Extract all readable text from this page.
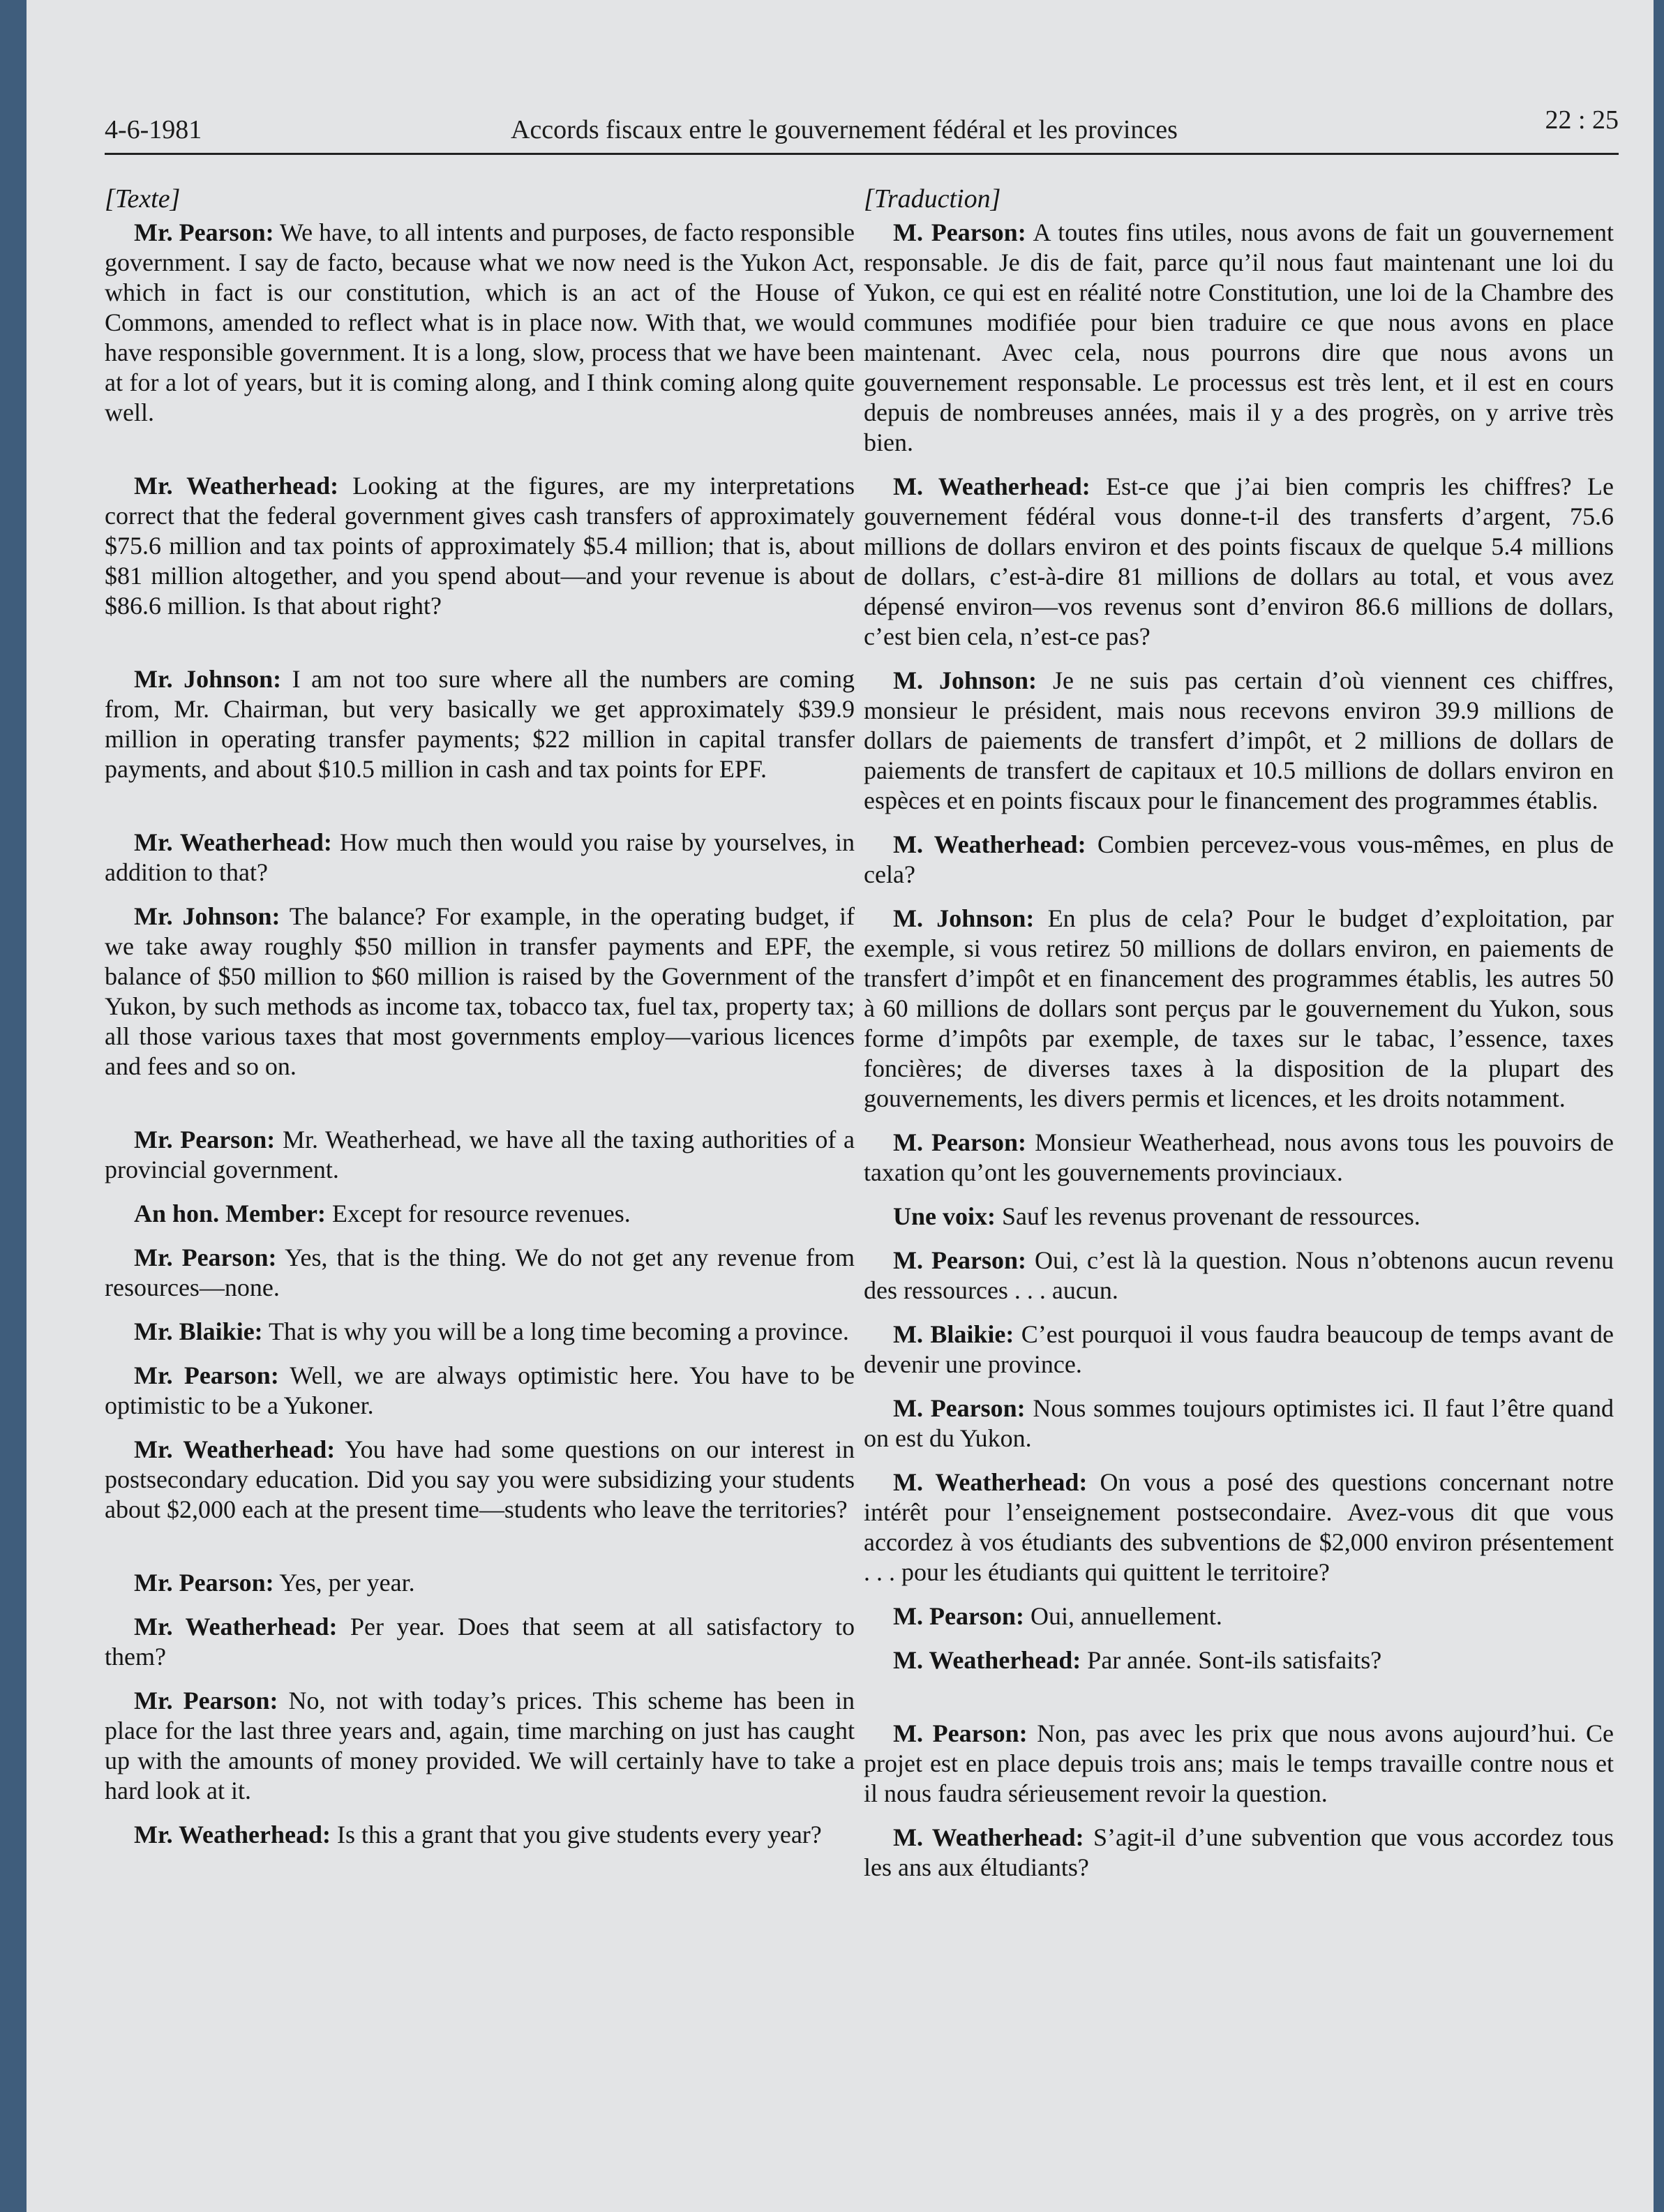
4-6-1981	Accords fiscaux entre le gouvernement fédéral et les provinces	22 : 25
[Texte]

Mr. Pearson: We have, to all intents and purposes, de facto responsible government. I say de facto, because what we now need is the Yukon Act, which in fact is our constitution, which is an act of the House of Commons, amended to reflect what is in place now. With that, we would have responsible government. It is a long, slow, process that we have been at for a lot of years, but it is coming along, and I think coming along quite well.

Mr. Weatherhead: Looking at the figures, are my interpretations correct that the federal government gives cash transfers of approximately $75.6 million and tax points of approximately $5.4 million; that is, about $81 million altogether, and you spend about—and your revenue is about $86.6 million. Is that about right?

Mr. Johnson: I am not too sure where all the numbers are coming from, Mr. Chairman, but very basically we get approximately $39.9 million in operating transfer payments; $22 million in capital transfer payments, and about $10.5 million in cash and tax points for EPF.

Mr. Weatherhead: How much then would you raise by yourselves, in addition to that?

Mr. Johnson: The balance? For example, in the operating budget, if we take away roughly $50 million in transfer payments and EPF, the balance of $50 million to $60 million is raised by the Government of the Yukon, by such methods as income tax, tobacco tax, fuel tax, property tax; all those various taxes that most governments employ—various licences and fees and so on.

Mr. Pearson: Mr. Weatherhead, we have all the taxing authorities of a provincial government.

An hon. Member: Except for resource revenues.

Mr. Pearson: Yes, that is the thing. We do not get any revenue from resources—none.

Mr. Blaikie: That is why you will be a long time becoming a province.

Mr. Pearson: Well, we are always optimistic here. You have to be optimistic to be a Yukoner.

Mr. Weatherhead: You have had some questions on our interest in postsecondary education. Did you say you were subsidizing your students about $2,000 each at the present time—students who leave the territories?

Mr. Pearson: Yes, per year.

Mr. Weatherhead: Per year. Does that seem at all satisfactory to them?

Mr. Pearson: No, not with today’s prices. This scheme has been in place for the last three years and, again, time marching on just has caught up with the amounts of money provided. We will certainly have to take a hard look at it.

Mr. Weatherhead: Is this a grant that you give students every year?

[Traduction]

M. Pearson: A toutes fins utiles, nous avons de fait un gouvernement responsable. Je dis de fait, parce qu’il nous faut maintenant une loi du Yukon, ce qui est en réalité notre Constitution, une loi de la Chambre des communes modifiée pour bien traduire ce que nous avons en place maintenant. Avec cela, nous pourrons dire que nous avons un gouvernement responsable. Le processus est très lent, et il est en cours depuis de nombreuses années, mais il y a des progrès, on y arrive très bien.

M. Weatherhead: Est-ce que j’ai bien compris les chiffres? Le gouvernement fédéral vous donne-t-il des transferts d’argent, 75.6 millions de dollars environ et des points fiscaux de quelque 5.4 millions de dollars, c’est-à-dire 81 millions de dollars au total, et vous avez dépensé environ—vos revenus sont d’environ 86.6 millions de dollars, c’est bien cela, n’est-ce pas?

M. Johnson: Je ne suis pas certain d’où viennent ces chiffres, monsieur le président, mais nous recevons environ 39.9 millions de dollars de paiements de transfert d’impôt, et 2 millions de dollars de paiements de transfert de capitaux et 10.5 millions de dollars environ en espèces et en points fiscaux pour le financement des programmes établis.

M. Weatherhead: Combien percevez-vous vous-mêmes, en plus de cela?

M. Johnson: En plus de cela? Pour le budget d’exploitation, par exemple, si vous retirez 50 millions de dollars environ, en paiements de transfert d’impôt et en financement des programmes établis, les autres 50 à 60 millions de dollars sont perçus par le gouvernement du Yukon, sous forme d’impôts par exemple, de taxes sur le tabac, l’essence, taxes foncières; de diverses taxes à la disposition de la plupart des gouvernements, les divers permis et licences, et les droits notamment.

M. Pearson: Monsieur Weatherhead, nous avons tous les pouvoirs de taxation qu’ont les gouvernements provinciaux.

Une voix: Sauf les revenus provenant de ressources.

M. Pearson: Oui, c’est là la question. Nous n’obtenons aucun revenu des ressources . . . aucun.

M. Blaikie: C’est pourquoi il vous faudra beaucoup de temps avant de devenir une province.

M. Pearson: Nous sommes toujours optimistes ici. Il faut l’être quand on est du Yukon.

M. Weatherhead: On vous a posé des questions concernant notre intérêt pour l’enseignement postsecondaire. Avez-vous dit que vous accordez à vos étudiants des subventions de $2,000 environ présentement . . . pour les étudiants qui quittent le territoire?

M. Pearson: Oui, annuellement.

M. Weatherhead: Par année. Sont-ils satisfaits?

M. Pearson: Non, pas avec les prix que nous avons aujourd’hui. Ce projet est en place depuis trois ans; mais le temps travaille contre nous et il nous faudra sérieusement revoir la question.

M. Weatherhead: S’agit-il d’une subvention que vous accordez tous les ans aux éltudiants?
